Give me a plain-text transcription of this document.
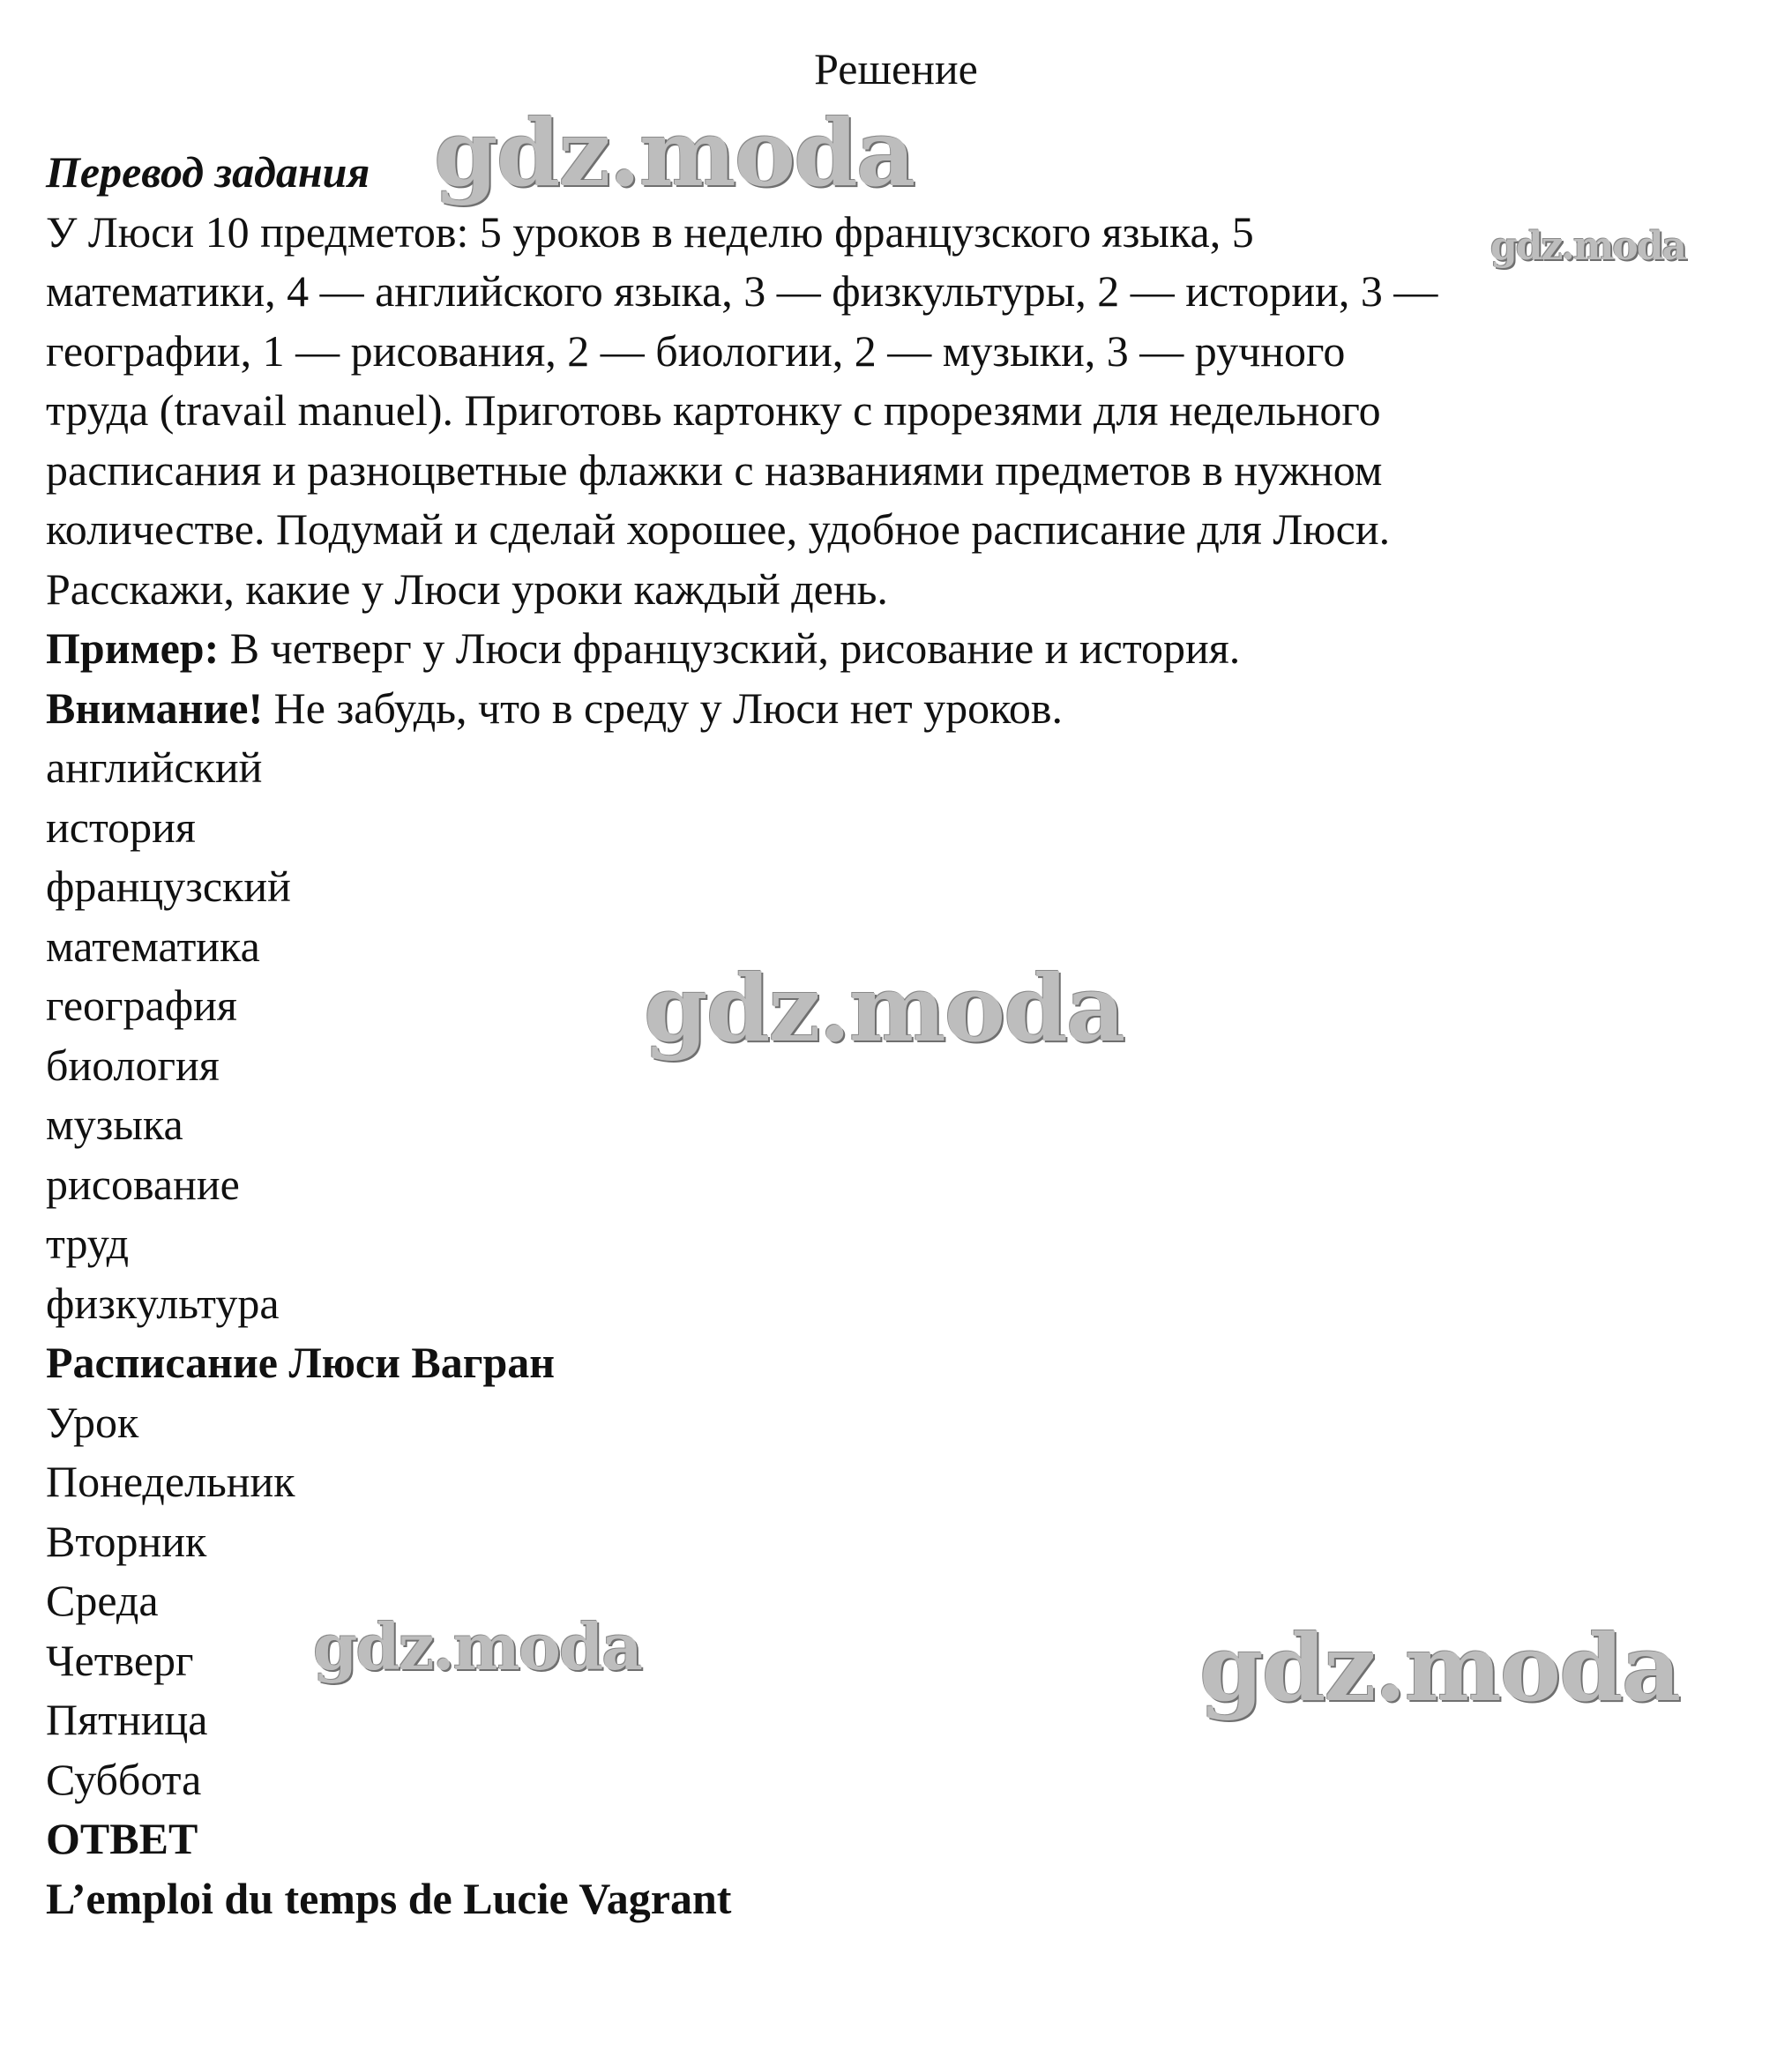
Решение
Перевод задания
У Люси 10 предметов: 5 уроков в неделю французского языка, 5
математики, 4 — английского языка, 3 — физкультуры, 2 — истории, 3 —
географии, 1 — рисования, 2 — биологии, 2 — музыки, 3 — ручного
труда (travail manuel). Приготовь картонку с прорезями для недельного
расписания и разноцветные флажки с названиями предметов в нужном
количестве. Подумай и сделай хорошее, удобное расписание для Люси.
Расскажи, какие у Люси уроки каждый день.
Пример: В четверг у Люси французский, рисование и история.
Внимание! Не забудь, что в среду у Люси нет уроков.
английский
история
французский
математика
география
биология
музыка
рисование
труд
физкультура
Расписание Люси Вагран
Урок
Понедельник
Вторник
Среда
Четверг
Пятница
Суббота
ОТВЕТ
L’emploi du temps de Lucie Vagrant
gdz.moda
gdz.moda
gdz.moda
gdz.moda	gdz.moda
